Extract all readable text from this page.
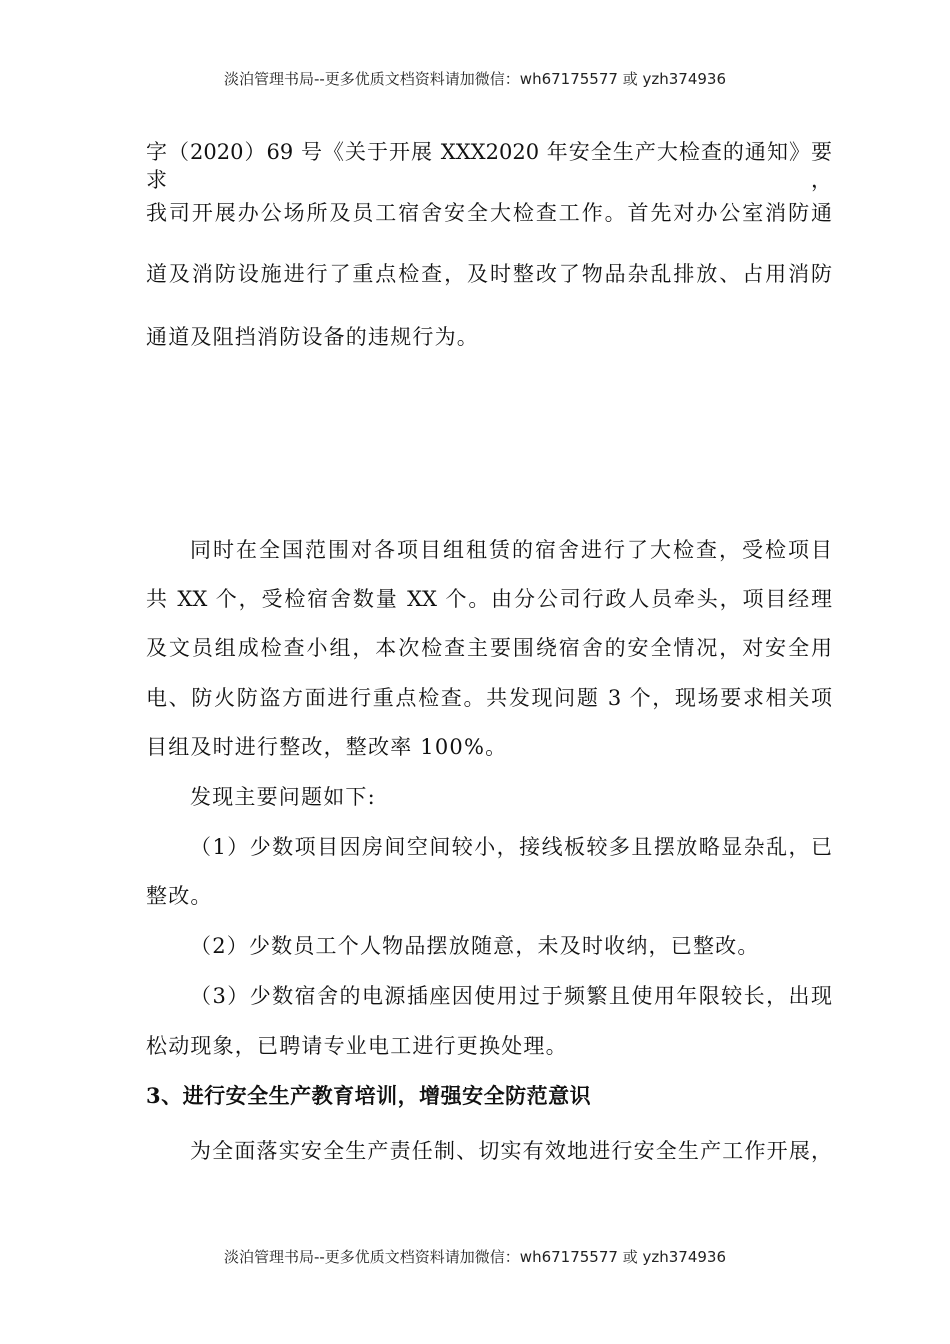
淡泊管理书局--更多优质文档资料请加微信：wh67175577 或 yzh374936
字（2020）69 号《关于开展 XXX2020 年安全生产大检查的通知》要求，
我司开展办公场所及员工宿舍安全大检查工作。首先对办公室消防通
道及消防设施进行了重点检查，及时整改了物品杂乱排放、占用消防
通道及阻挡消防设备的违规行为。
同时在全国范围对各项目组租赁的宿舍进行了大检查，受检项目
共 XX 个，受检宿舍数量 XX 个。由分公司行政人员牵头，项目经理
及文员组成检查小组，本次检查主要围绕宿舍的安全情况，对安全用
电、防火防盗方面进行重点检查。共发现问题 3 个，现场要求相关项
目组及时进行整改，整改率 100%。
发现主要问题如下:
（1）少数项目因房间空间较小，接线板较多且摆放略显杂乱，已
整改。
（2）少数员工个人物品摆放随意，未及时收纳，已整改。
（3）少数宿舍的电源插座因使用过于频繁且使用年限较长，出现
松动现象，已聘请专业电工进行更换处理。
3、进行安全生产教育培训，增强安全防范意识
为全面落实安全生产责任制、切实有效地进行安全生产工作开展，
淡泊管理书局--更多优质文档资料请加微信：wh67175577 或 yzh374936
